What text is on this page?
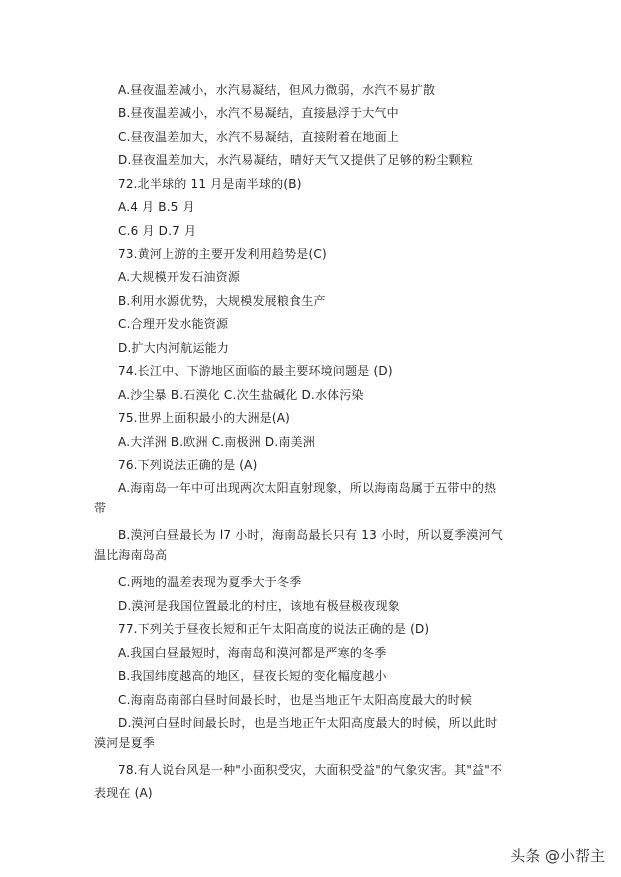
A.昼夜温差减小，水汽易凝结，但风力微弱，水汽不易扩散
B.昼夜温差减小，水汽不易凝结，直接悬浮于大气中
C.昼夜温差加大，水汽不易凝结，直接附着在地面上
D.昼夜温差加大，水汽易凝结，晴好天气又提供了足够的粉尘颗粒
72.北半球的 11 月是南半球的(B)
A.4 月 B.5 月
C.6 月 D.7 月
73.黄河上游的主要开发利用趋势是(C)
A.大规模开发石油资源
B.利用水源优势，大规模发展粮食生产
C.合理开发水能资源
D.扩大内河航运能力
74.长江中、下游地区面临的最主要环境问题是 (D)
A.沙尘暴 B.石漠化 C.次生盐碱化 D.水体污染
75.世界上面积最小的大洲是(A)
A.大洋洲 B.欧洲 C.南极洲 D.南美洲
76.下列说法正确的是 (A)
A.海南岛一年中可出现两次太阳直射现象，所以海南岛属于五带中的热
带
B.漠河白昼最长为 l7 小时，海南岛最长只有 13 小时，所以夏季漠河气
温比海南岛高
C.两地的温差表现为夏季大于冬季
D.漠河是我国位置最北的村庄，该地有极昼极夜现象
77.下列关于昼夜长短和正午太阳高度的说法正确的是 (D)
A.我国白昼最短时，海南岛和漠河都是严寒的冬季
B.我国纬度越高的地区，昼夜长短的变化幅度越小
C.海南岛南部白昼时间最长时，也是当地正午太阳高度最大的时候
D.漠河白昼时间最长时，也是当地正午太阳高度最大的时候，所以此时
漠河是夏季
78.有人说台风是一种"小面积受灾，大面积受益"的气象灾害。其"益"不
表现在 (A)
头条 @小帮主
